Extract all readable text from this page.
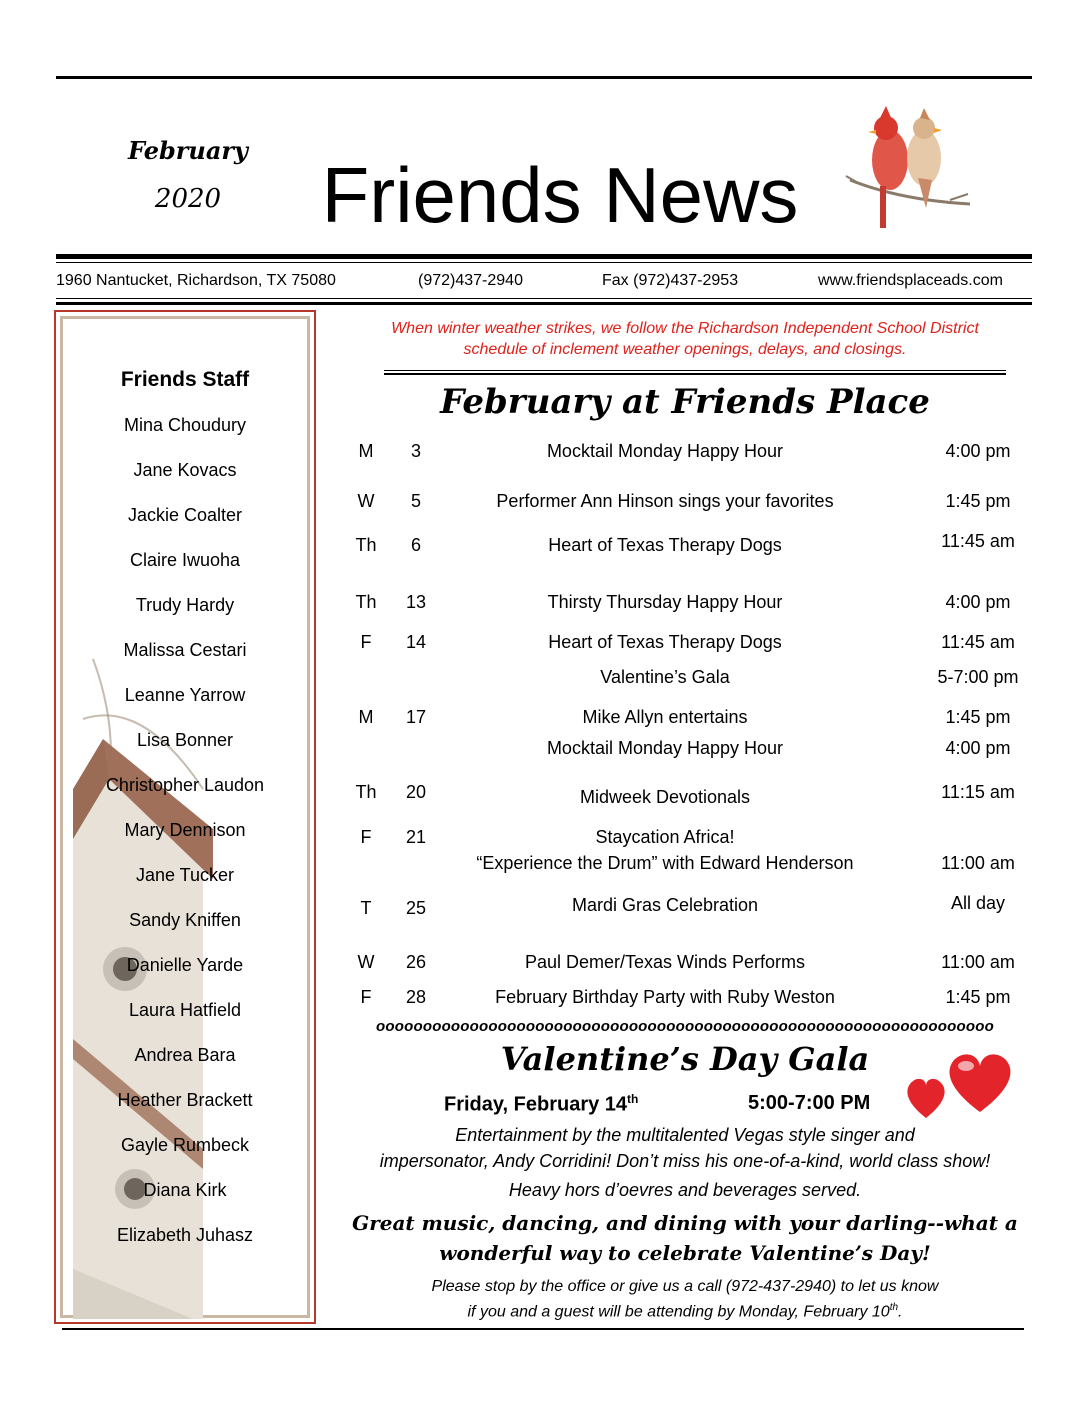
February
2020	Friends News
1960 Nantucket, Richardson, TX 75080	(972)437-2940	Fax (972)437-2953	www.friendsplaceads.com
Friends Staff
Mina Choudury
Jane Kovacs
Jackie Coalter
Claire Iwuoha
Trudy Hardy
Malissa Cestari
Leanne Yarrow
Lisa Bonner
Christopher Laudon
Mary Dennison
Jane Tucker
Sandy Kniffen
Danielle Yarde
Laura Hatfield
Andrea Bara
Heather Brackett
Gayle Rumbeck
Diana Kirk
Elizabeth Juhasz
When winter weather strikes, we follow the Richardson Independent School District
schedule of inclement weather openings, delays, and closings.
February at Friends Place
M	3	Mocktail Monday Happy Hour	4:00 pm
W	5	Performer Ann Hinson sings your favorites	1:45 pm
Th	6	Heart of Texas Therapy Dogs	11:45 am
Th	13	Thirsty Thursday Happy Hour	4:00 pm
F	14	Heart of Texas Therapy Dogs	11:45 am
Valentine’s Gala	5-7:00 pm
M	17	Mike Allyn entertains	1:45 pm
Mocktail Monday Happy Hour	4:00 pm
Th	20	Midweek Devotionals	11:15 am
F	21	Staycation Africa!
“Experience the Drum” with Edward Henderson	11:00 am
T	25	Mardi Gras Celebration	All day
W	26	Paul Demer/Texas Winds Performs	11:00 am
F	28	February Birthday Party with Ruby Weston	1:45 pm
oooooooooooooooooooooooooooooooooooooooooooooooooooooooooooooooooo
Valentine’s Day Gala
Friday, February 14th	5:00-7:00 PM
Entertainment by the multitalented Vegas style singer and
impersonator, Andy Corridini! Don’t miss his one-of-a-kind, world class show!
Heavy hors d’oevres and beverages served.
Great music, dancing, and dining with your darling--what a
wonderful way to celebrate Valentine’s Day!
Please stop by the office or give us a call (972-437-2940) to let us know
if you and a guest will be attending by Monday, February 10th.
